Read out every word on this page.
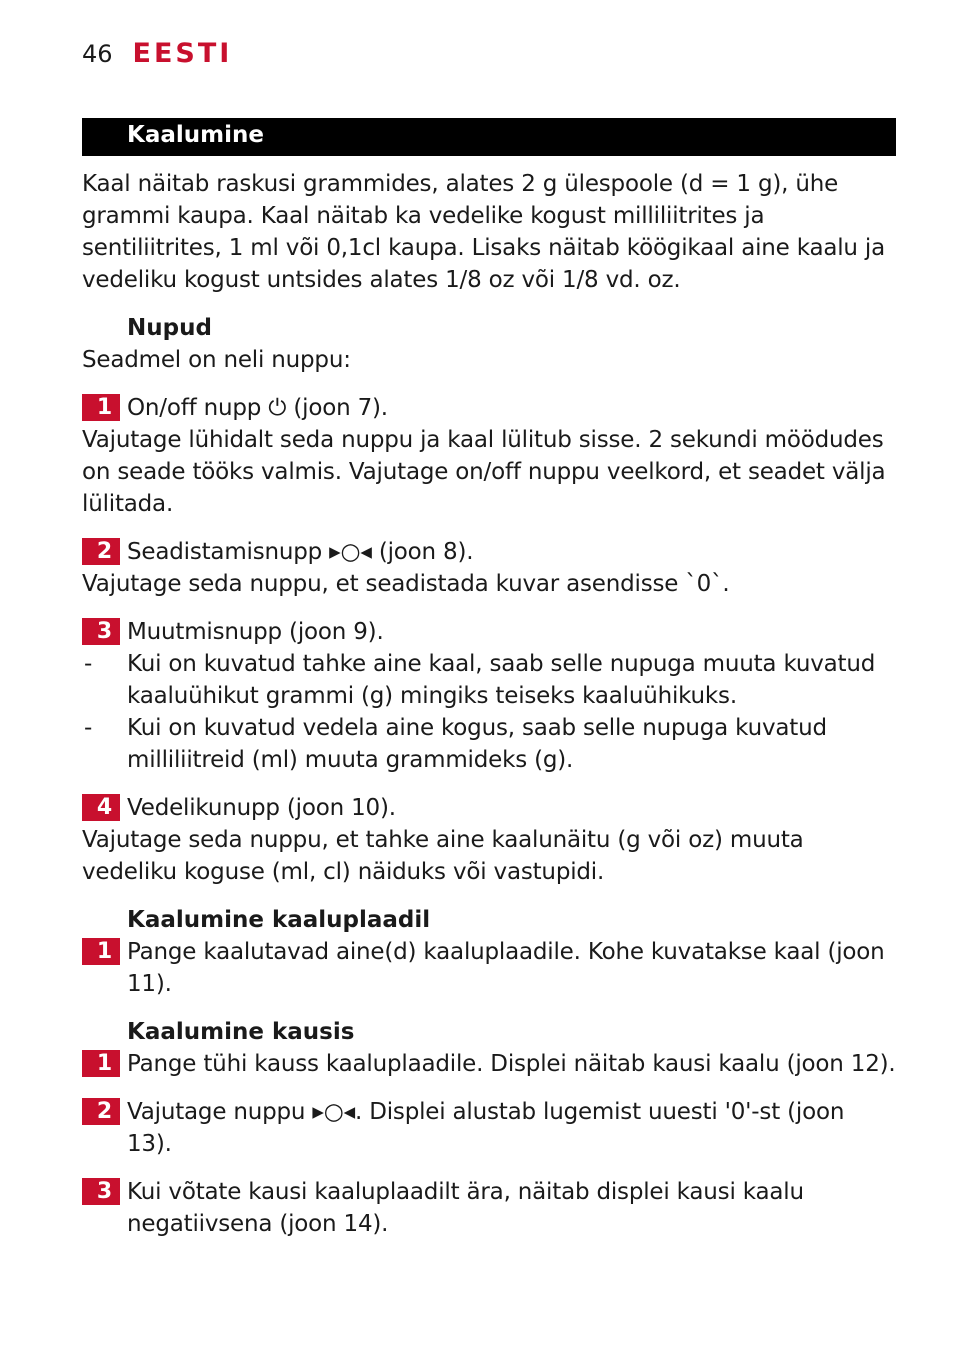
46 EESTI
Kaalumine

Kaal näitab raskusi grammides, alates 2 g ülespoole (d = 1 g), ühe grammi kaupa. Kaal näitab ka vedelike kogust milliliitrites ja sentiliitrites, 1 ml või 0,1cl kaupa. Lisaks näitab köögikaal aine kaalu ja vedeliku kogust untsides alates 1/8 oz või 1/8 vd. oz.

Nupud

Seadmel on neli nuppu:

1 On/off nupp ⏻ (joon 7).

Vajutage lühidalt seda nuppu ja kaal lülitub sisse. 2 sekundi möödudes on seade tööks valmis. Vajutage on/off nuppu veelkord, et seadet välja lülitada.

2 Seadistamisnupp ▸○◂ (joon 8).

Vajutage seda nuppu, et seadistada kuvar asendisse `0`.

3 Muutmisnupp (joon 9).
-	Kui on kuvatud tahke aine kaal, saab selle nupuga muuta kuvatud kaaluühikut grammi (g) mingiks teiseks kaaluühikuks.
-	Kui on kuvatud vedela aine kogus, saab selle nupuga kuvatud milliliitreid (ml) muuta grammideks (g).
4 Vedelikunupp (joon 10).

Vajutage seda nuppu, et tahke aine kaalunäitu (g või oz) muuta vedeliku koguse (ml, cl) näiduks või vastupidi.

Kaalumine kaaluplaadil

1 Pange kaalutavad aine(d) kaaluplaadile. Kohe kuvatakse kaal (joon 11).

Kaalumine kausis

1 Pange tühi kauss kaaluplaadile. Displei näitab kausi kaalu (joon 12).
2 Vajutage nuppu ▸○◂. Displei alustab lugemist uuesti '0'-st (joon 13).
3 Kui võtate kausi kaaluplaadilt ära, näitab displei kausi kaalu negatiivsena (joon 14).
